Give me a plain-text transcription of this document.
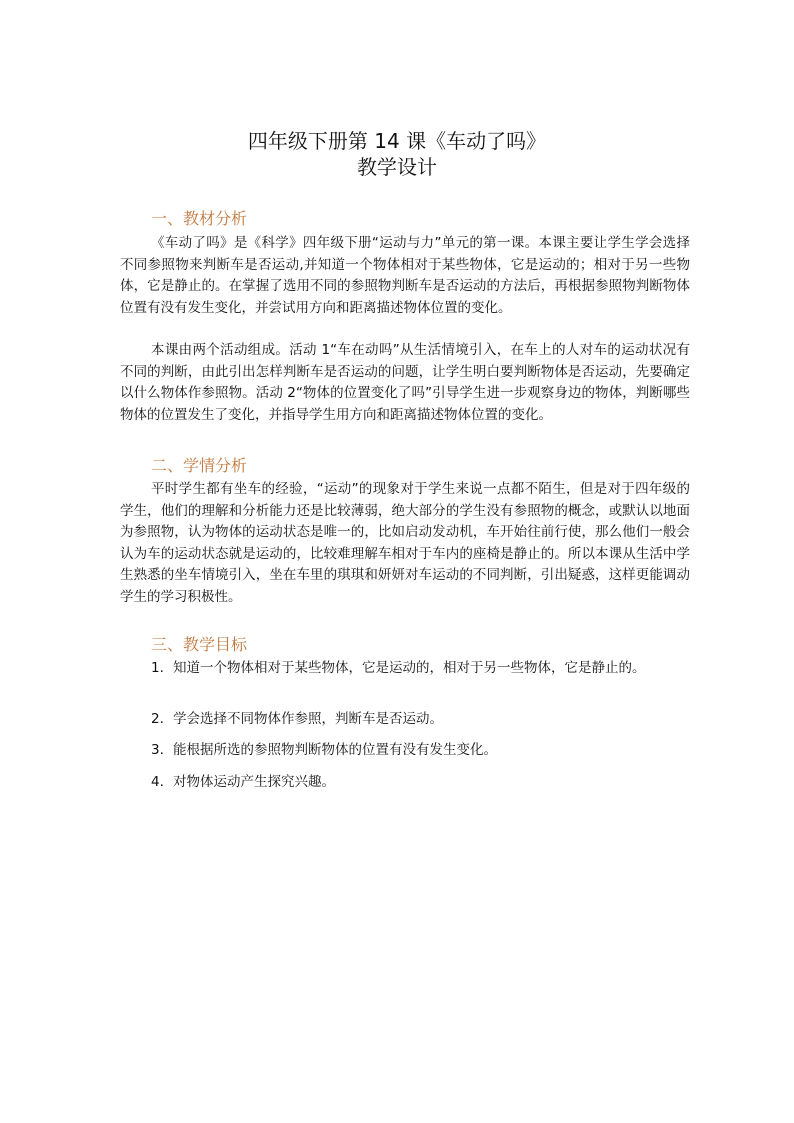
四年级下册第 14 课《车动了吗》
教学设计
一、教材分析
《车动了吗》是《科学》四年级下册“运动与力”单元的第一课。本课主要让学生学会选择不同参照物来判断车是否运动,并知道一个物体相对于某些物体，它是运动的；相对于另一些物体，它是静止的。在掌握了选用不同的参照物判断车是否运动的方法后，再根据参照物判断物体位置有没有发生变化，并尝试用方向和距离描述物体位置的变化。
本课由两个活动组成。活动 1“车在动吗”从生活情境引入，在车上的人对车的运动状况有不同的判断，由此引出怎样判断车是否运动的问题，让学生明白要判断物体是否运动，先要确定以什么物体作参照物。活动 2“物体的位置变化了吗”引导学生进一步观察身边的物体，判断哪些物体的位置发生了变化，并指导学生用方向和距离描述物体位置的变化。
二、学情分析
平时学生都有坐车的经验，“运动”的现象对于学生来说一点都不陌生，但是对于四年级的学生，他们的理解和分析能力还是比较薄弱，绝大部分的学生没有参照物的概念，或默认以地面为参照物，认为物体的运动状态是唯一的，比如启动发动机，车开始往前行使，那么他们一般会认为车的运动状态就是运动的，比较难理解车相对于车内的座椅是静止的。所以本课从生活中学生熟悉的坐车情境引入，坐在车里的琪琪和妍妍对车运动的不同判断，引出疑惑，这样更能调动学生的学习积极性。
三、教学目标
1. 知道一个物体相对于某些物体，它是运动的，相对于另一些物体，它是静止的。
2. 学会选择不同物体作参照，判断车是否运动。
3. 能根据所选的参照物判断物体的位置有没有发生变化。
4. 对物体运动产生探究兴趣。
